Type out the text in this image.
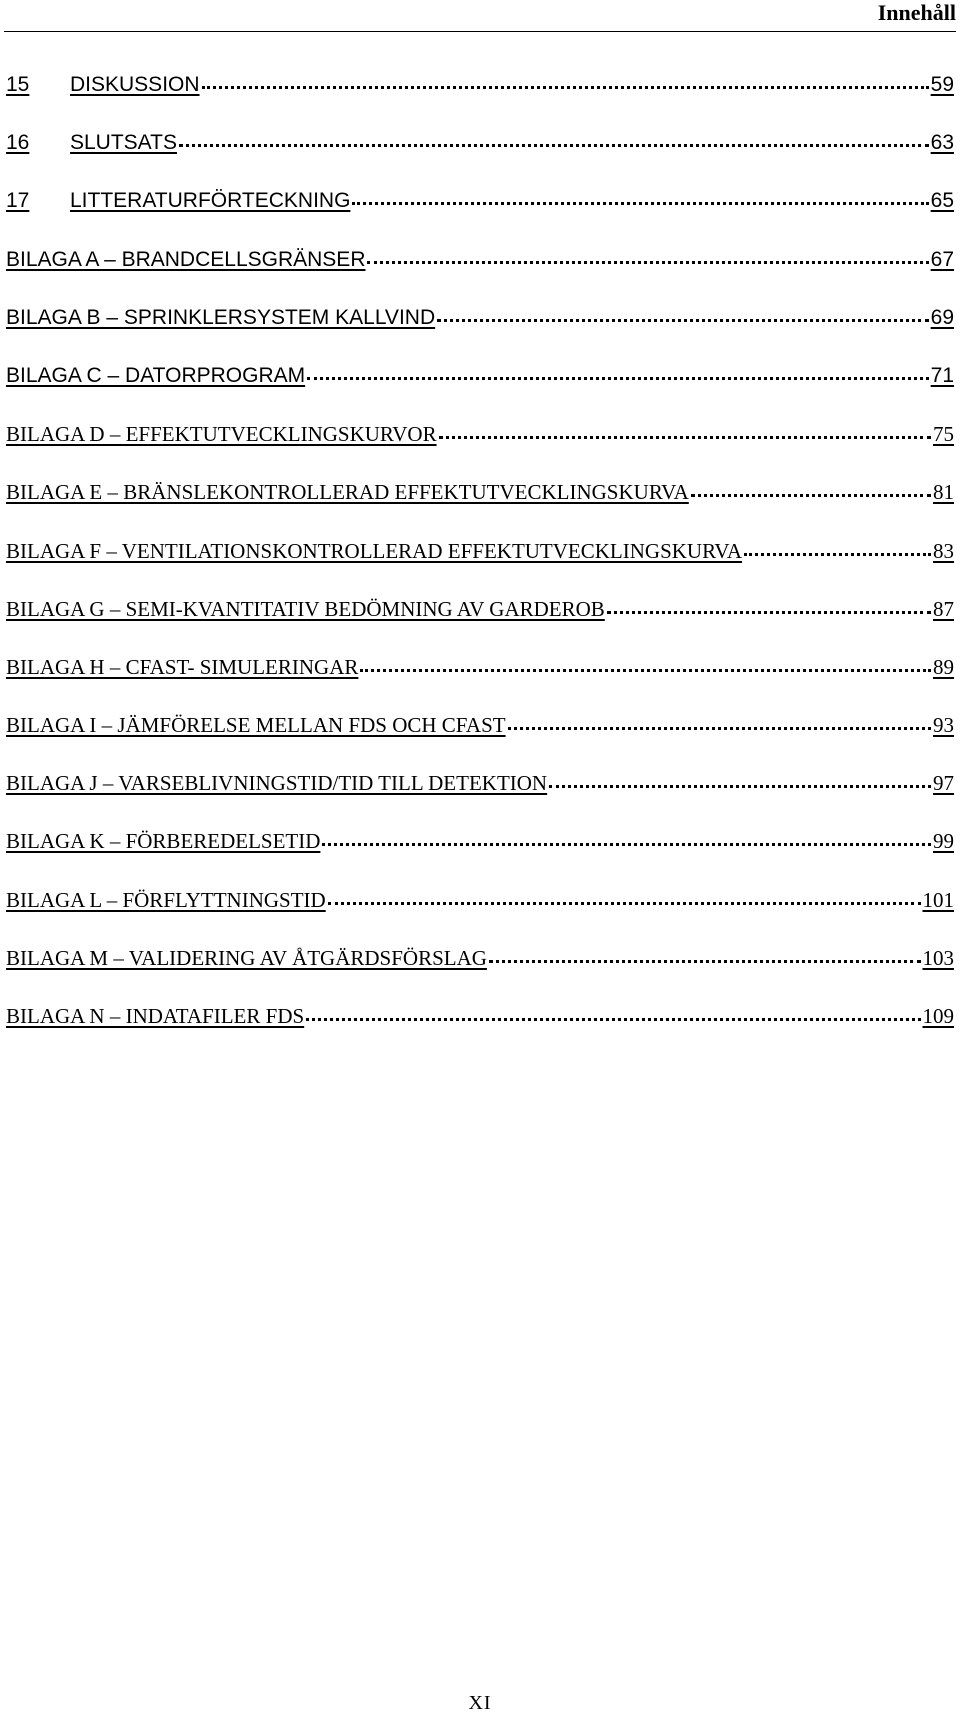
Innehåll
15	DISKUSSION	59
16	SLUTSATS	63
17	LITTERATURFÖRTECKNING	65
BILAGA A – BRANDCELLSGRÄNSER	67
BILAGA B – SPRINKLERSYSTEM KALLVIND	69
BILAGA C – DATORPROGRAM	71
BILAGA D – EFFEKTUTVECKLINGSKURVOR	75
BILAGA E – BRÄNSLEKONTROLLERAD EFFEKTUTVECKLINGSKURVA	81
BILAGA F – VENTILATIONSKONTROLLERAD EFFEKTUTVECKLINGSKURVA	83
BILAGA G – SEMI-KVANTITATIV BEDÖMNING AV GARDEROB	87
BILAGA H – CFAST- SIMULERINGAR	89
BILAGA I – JÄMFÖRELSE MELLAN FDS OCH CFAST	93
BILAGA J – VARSEBLIVNINGSTID/TID TILL DETEKTION	97
BILAGA K – FÖRBEREDELSETID	99
BILAGA L – FÖRFLYTTNINGSTID	101
BILAGA M – VALIDERING AV ÅTGÄRDSFÖRSLAG	103
BILAGA N – INDATAFILER FDS	109
XI
